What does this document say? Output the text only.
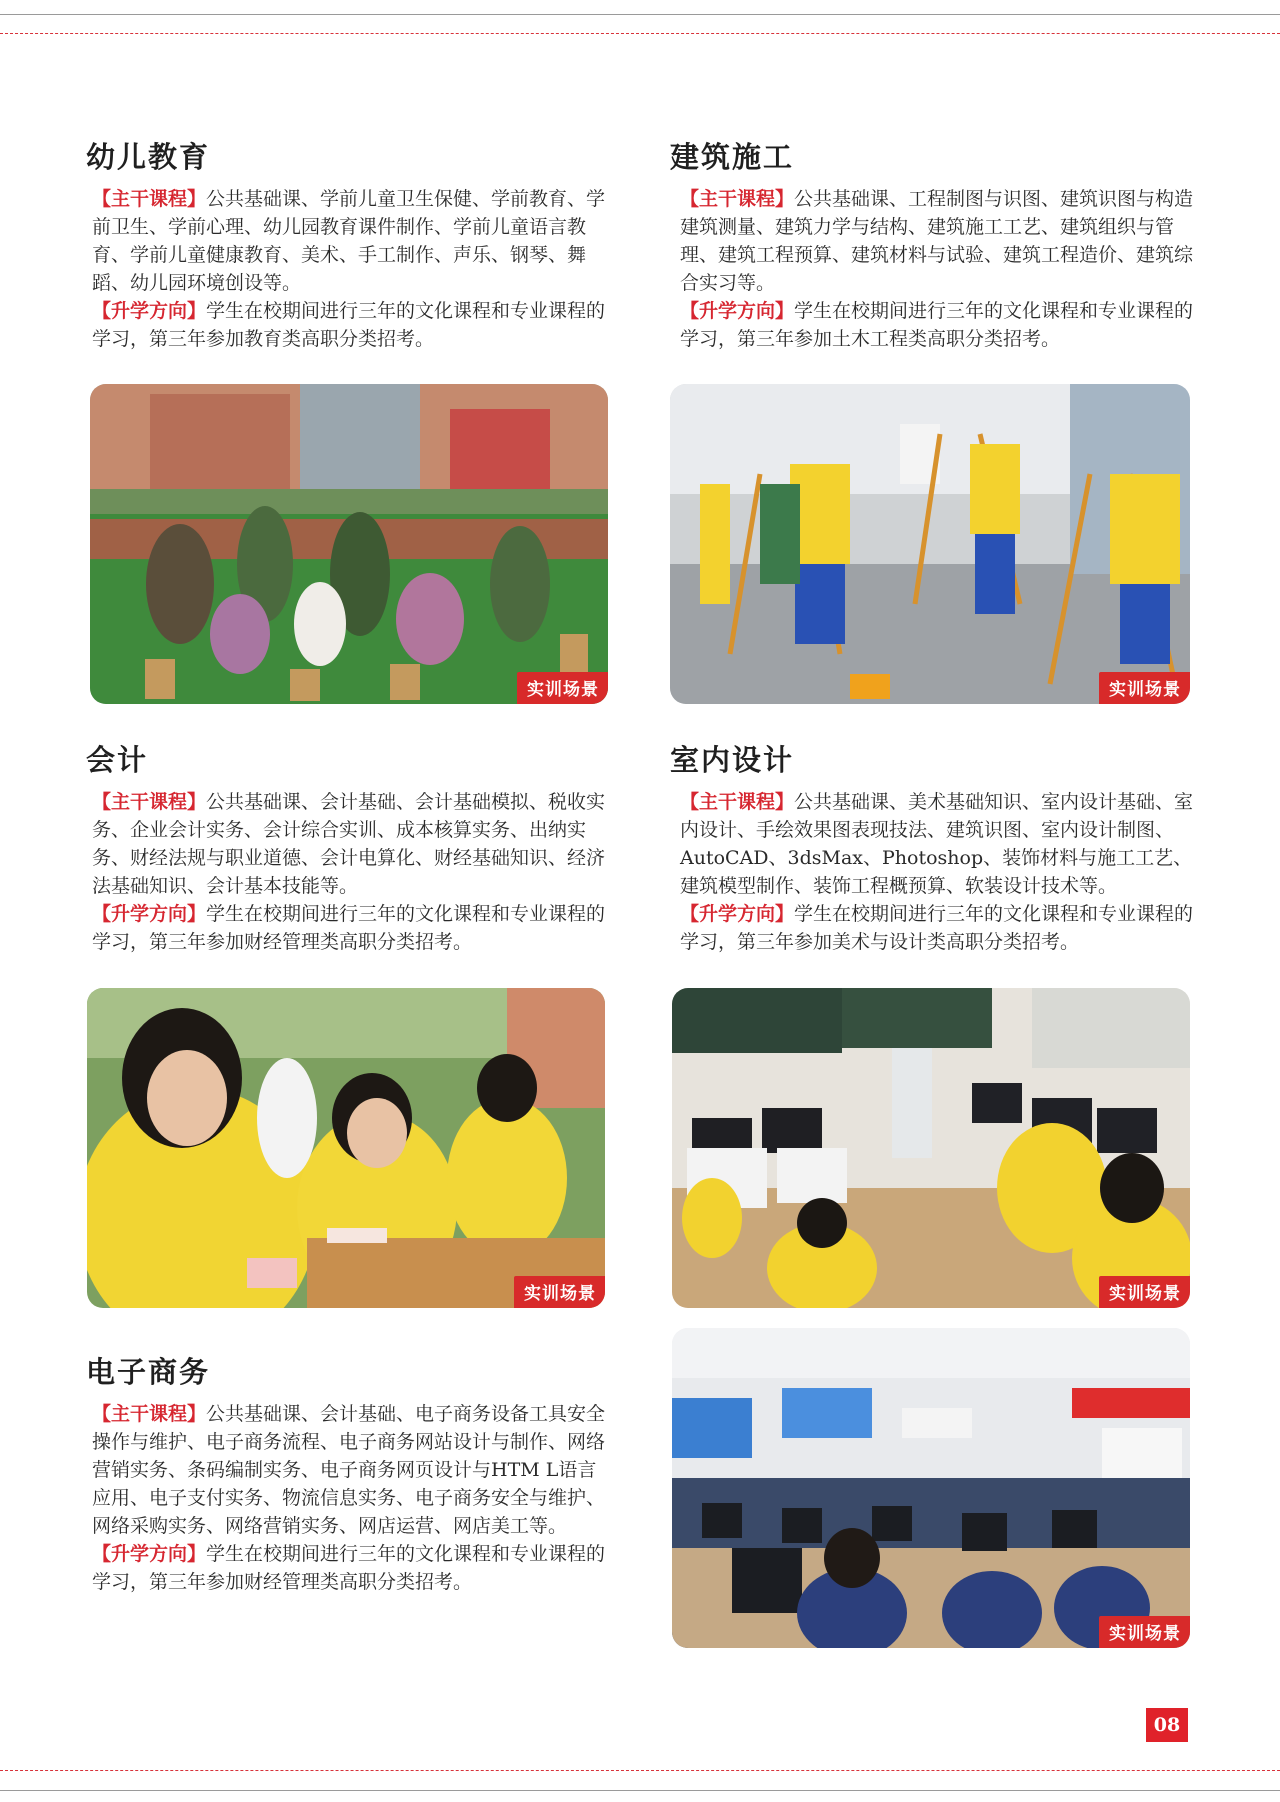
幼儿教育

【主干课程】公共基础课、学前儿童卫生保健、学前教育、学前卫生、学前心理、幼儿园教育课件制作、学前儿童语言教育、学前儿童健康教育、美术、手工制作、声乐、钢琴、舞蹈、幼儿园环境创设等。

【升学方向】学生在校期间进行三年的文化课程和专业课程的学习，第三年参加教育类高职分类招考。

实训场景
建筑施工

【主干课程】公共基础课、工程制图与识图、建筑识图与构造建筑测量、建筑力学与结构、建筑施工工艺、建筑组织与管理、建筑工程预算、建筑材料与试验、建筑工程造价、建筑综合实习等。

【升学方向】学生在校期间进行三年的文化课程和专业课程的学习，第三年参加土木工程类高职分类招考。

实训场景
会计

【主干课程】公共基础课、会计基础、会计基础模拟、税收实务、企业会计实务、会计综合实训、成本核算实务、出纳实务、财经法规与职业道德、会计电算化、财经基础知识、经济法基础知识、会计基本技能等。

【升学方向】学生在校期间进行三年的文化课程和专业课程的学习，第三年参加财经管理类高职分类招考。

实训场景
室内设计

【主干课程】公共基础课、美术基础知识、室内设计基础、室内设计、手绘效果图表现技法、建筑识图、室内设计制图、AutoCAD、3dsMax、Photoshop、装饰材料与施工工艺、建筑模型制作、装饰工程概预算、软装设计技术等。

【升学方向】学生在校期间进行三年的文化课程和专业课程的学习，第三年参加美术与设计类高职分类招考。

实训场景
电子商务

【主干课程】公共基础课、会计基础、电子商务设备工具安全操作与维护、电子商务流程、电子商务网站设计与制作、网络营销实务、条码编制实务、电子商务网页设计与HTM L语言应用、电子支付实务、物流信息实务、电子商务安全与维护、网络采购实务、网络营销实务、网店运营、网店美工等。

【升学方向】学生在校期间进行三年的文化课程和专业课程的学习，第三年参加财经管理类高职分类招考。

实训场景
08
